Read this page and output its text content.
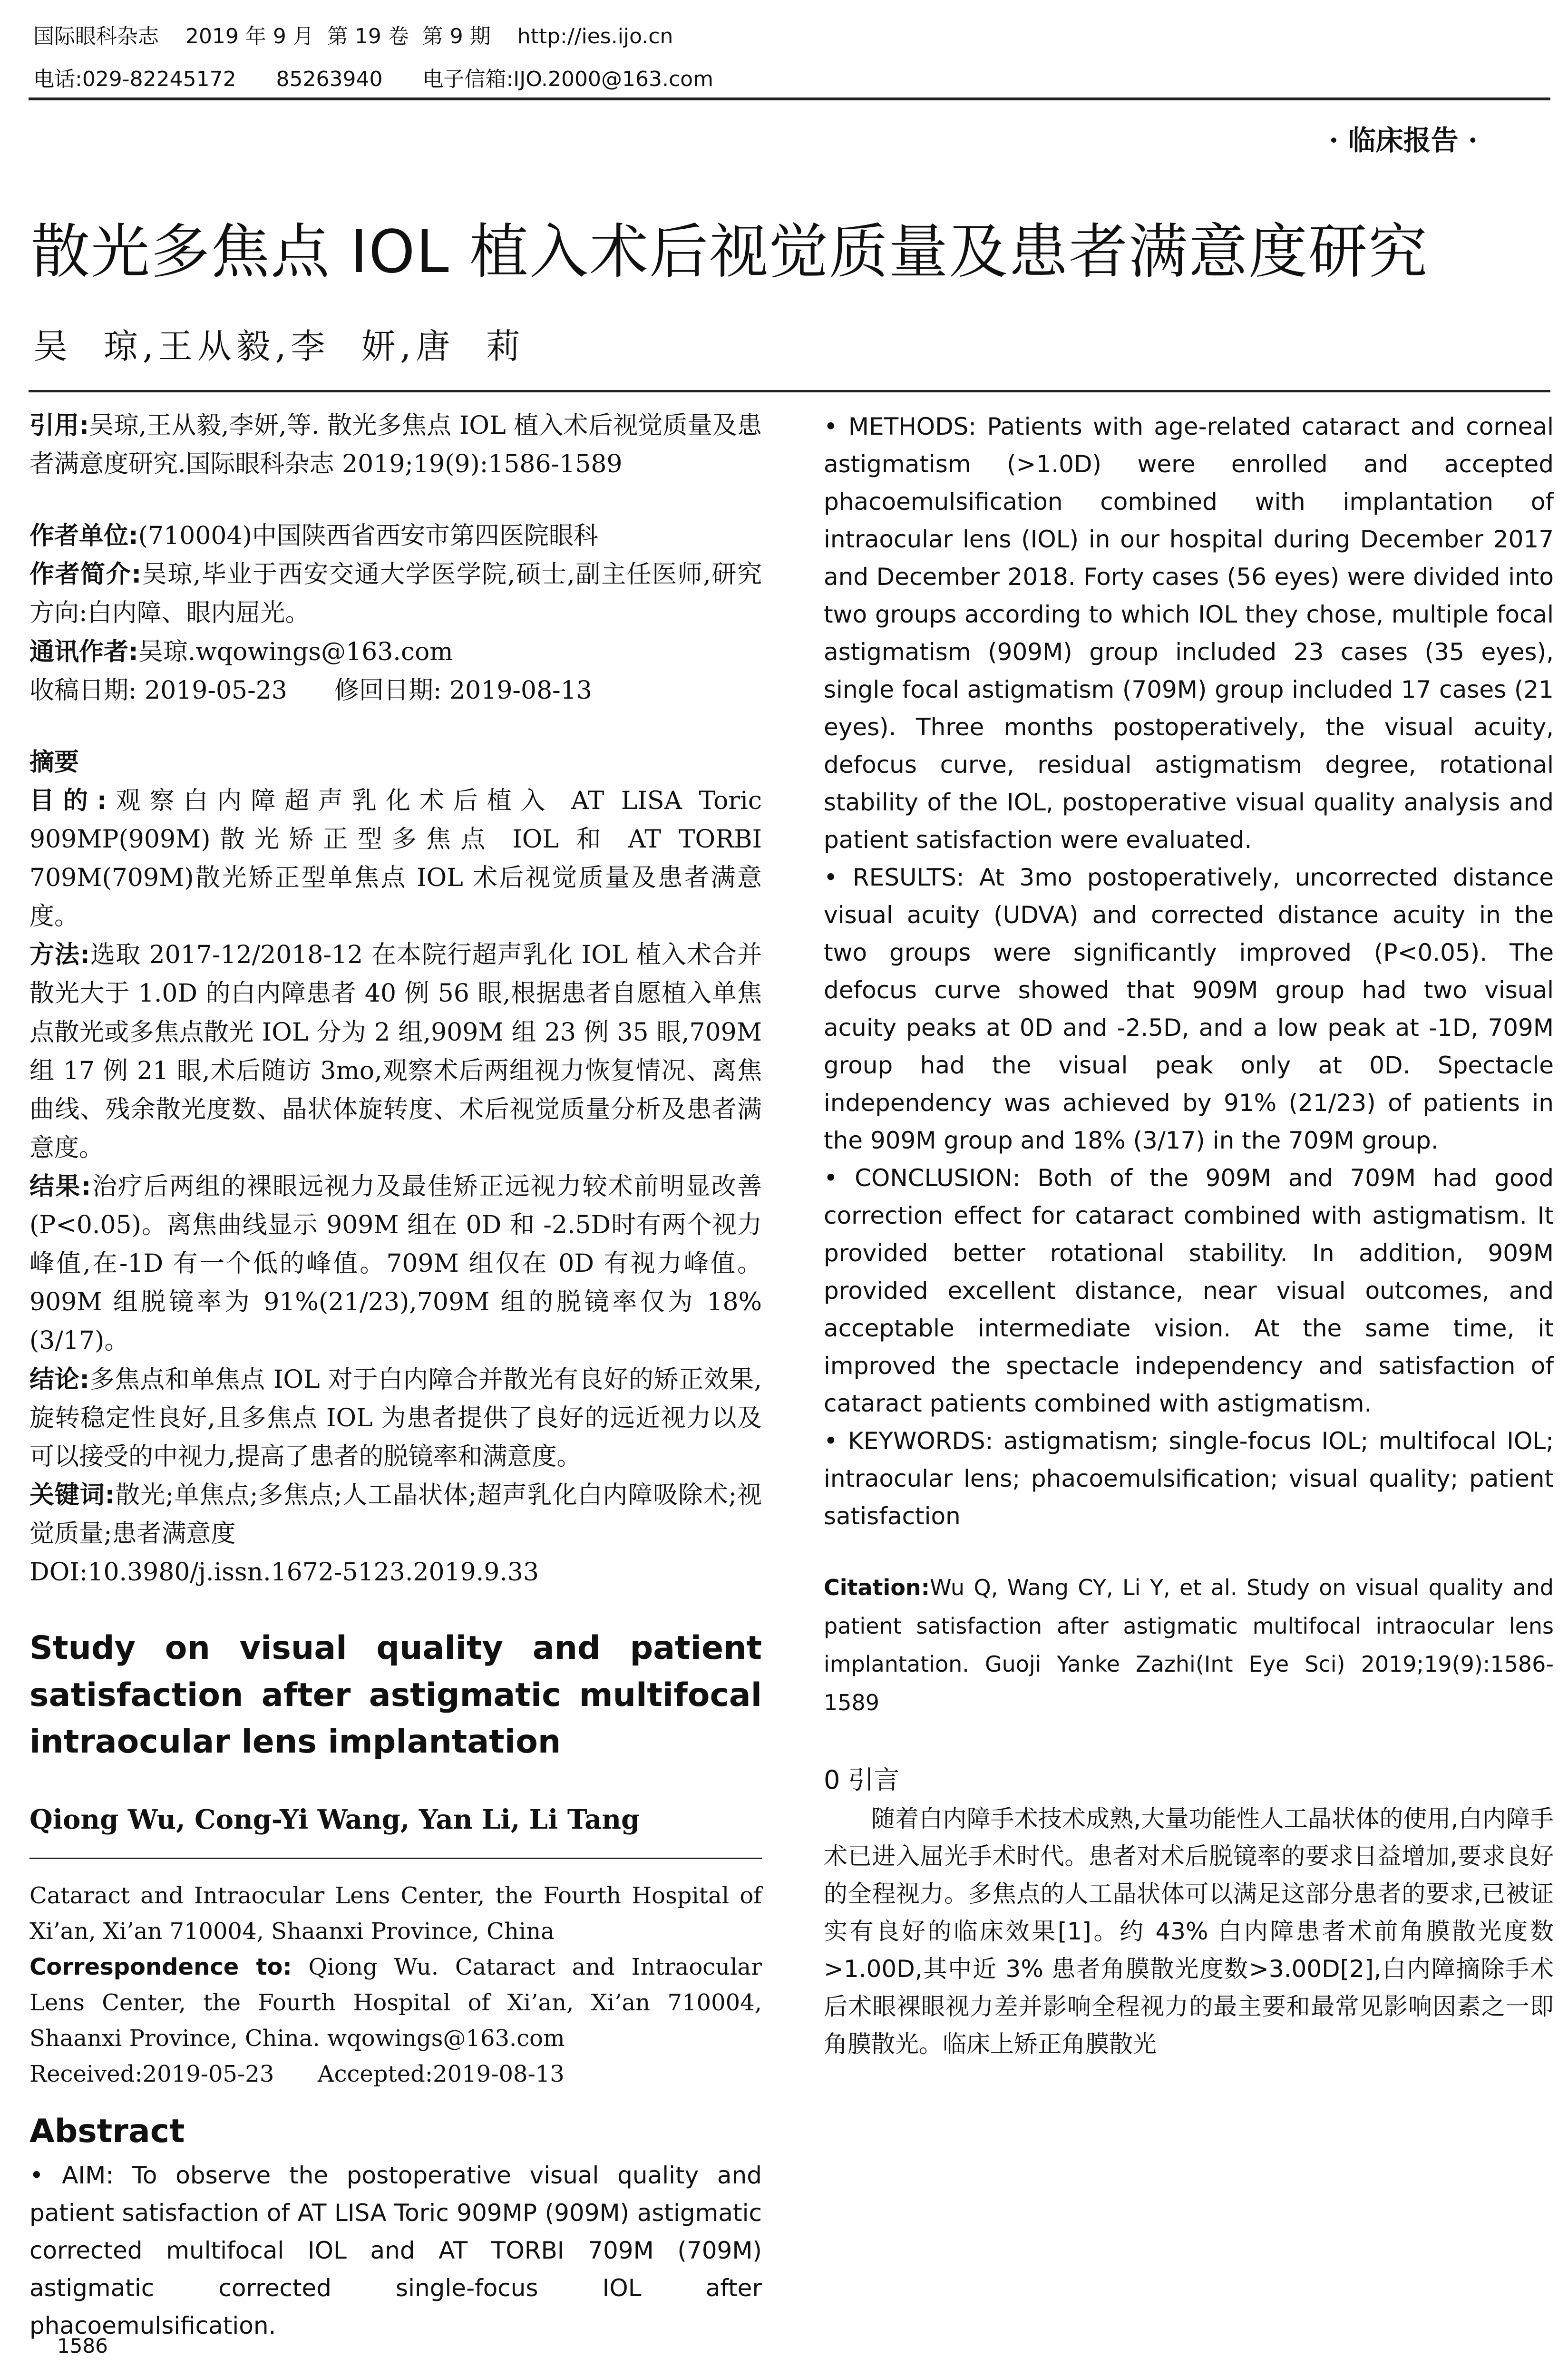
国际眼科杂志    2019 年 9 月  第 19 卷  第 9 期    http://ies.ijo.cn
电话:029-82245172      85263940      电子信箱:IJO.2000@163.com
· 临床报告 ·
散光多焦点 IOL 植入术后视觉质量及患者满意度研究
吴  琼,王从毅,李  妍,唐  莉

引用:吴琼,王从毅,李妍,等. 散光多焦点 IOL 植入术后视觉质量及患者满意度研究.国际眼科杂志 2019;19(9):1586-1589

作者单位:(710004)中国陕西省西安市第四医院眼科

作者简介:吴琼,毕业于西安交通大学医学院,硕士,副主任医师,研究方向:白内障、眼内屈光。

通讯作者:吴琼.wqowings@163.com

收稿日期: 2019-05-23      修回日期: 2019-08-13

摘要

目的:观察白内障超声乳化术后植入 AT LISA Toric 909MP(909M)散光矫正型多焦点 IOL 和 AT TORBI 709M(709M)散光矫正型单焦点 IOL 术后视觉质量及患者满意度。

方法:选取 2017-12/2018-12 在本院行超声乳化 IOL 植入术合并散光大于 1.0D 的白内障患者 40 例 56 眼,根据患者自愿植入单焦点散光或多焦点散光 IOL 分为 2 组,909M 组 23 例 35 眼,709M 组 17 例 21 眼,术后随访 3mo,观察术后两组视力恢复情况、离焦曲线、残余散光度数、晶状体旋转度、术后视觉质量分析及患者满意度。

结果:治疗后两组的裸眼远视力及最佳矫正远视力较术前明显改善(P<0.05)。离焦曲线显示 909M 组在 0D 和 -2.5D时有两个视力峰值,在-1D 有一个低的峰值。709M 组仅在 0D 有视力峰值。909M 组脱镜率为 91%(21/23),709M 组的脱镜率仅为 18%(3/17)。

结论:多焦点和单焦点 IOL 对于白内障合并散光有良好的矫正效果,旋转稳定性良好,且多焦点 IOL 为患者提供了良好的远近视力以及可以接受的中视力,提高了患者的脱镜率和满意度。

关键词:散光;单焦点;多焦点;人工晶状体;超声乳化白内障吸除术;视觉质量;患者满意度

DOI:10.3980/j.issn.1672-5123.2019.9.33

Study on visual quality and patient satisfaction after astigmatic multifocal intraocular lens implantation
Qiong Wu, Cong-Yi Wang, Yan Li, Li Tang

Cataract and Intraocular Lens Center, the Fourth Hospital of Xi’an, Xi’an 710004, Shaanxi Province, China

Correspondence to: Qiong Wu. Cataract and Intraocular Lens Center, the Fourth Hospital of Xi’an, Xi’an 710004, Shaanxi Province, China. wqowings@163.com

Received:2019-05-23      Accepted:2019-08-13

Abstract

• AIM: To observe the postoperative visual quality and patient satisfaction of AT LISA Toric 909MP (909M) astigmatic corrected multifocal IOL and AT TORBI 709M (709M) astigmatic corrected single-focus IOL after phacoemulsification.

• METHODS: Patients with age-related cataract and corneal astigmatism (>1.0D) were enrolled and accepted phacoemulsification combined with implantation of intraocular lens (IOL) in our hospital during December 2017 and December 2018. Forty cases (56 eyes) were divided into two groups according to which IOL they chose, multiple focal astigmatism (909M) group included 23 cases (35 eyes), single focal astigmatism (709M) group included 17 cases (21 eyes). Three months postoperatively, the visual acuity, defocus curve, residual astigmatism degree, rotational stability of the IOL, postoperative visual quality analysis and patient satisfaction were evaluated.

• RESULTS: At 3mo postoperatively, uncorrected distance visual acuity (UDVA) and corrected distance acuity in the two groups were significantly improved (P<0.05). The defocus curve showed that 909M group had two visual acuity peaks at 0D and -2.5D, and a low peak at -1D, 709M group had the visual peak only at 0D. Spectacle independency was achieved by 91% (21/23) of patients in the 909M group and 18% (3/17) in the 709M group.

• CONCLUSION: Both of the 909M and 709M had good correction effect for cataract combined with astigmatism. It provided better rotational stability. In addition, 909M provided excellent distance, near visual outcomes, and acceptable intermediate vision. At the same time, it improved the spectacle independency and satisfaction of cataract patients combined with astigmatism.

• KEYWORDS: astigmatism; single-focus IOL; multifocal IOL; intraocular lens; phacoemulsification; visual quality; patient satisfaction

Citation:Wu Q, Wang CY, Li Y, et al. Study on visual quality and patient satisfaction after astigmatic multifocal intraocular lens implantation. Guoji Yanke Zazhi(Int Eye Sci) 2019;19(9):1586-1589

0 引言

随着白内障手术技术成熟,大量功能性人工晶状体的使用,白内障手术已进入屈光手术时代。患者对术后脱镜率的要求日益增加,要求良好的全程视力。多焦点的人工晶状体可以满足这部分患者的要求,已被证实有良好的临床效果[1]。约 43% 白内障患者术前角膜散光度数 >1.00D,其中近 3% 患者角膜散光度数>3.00D[2],白内障摘除手术后术眼裸眼视力差并影响全程视力的最主要和最常见影响因素之一即角膜散光。临床上矫正角膜散光

1586
